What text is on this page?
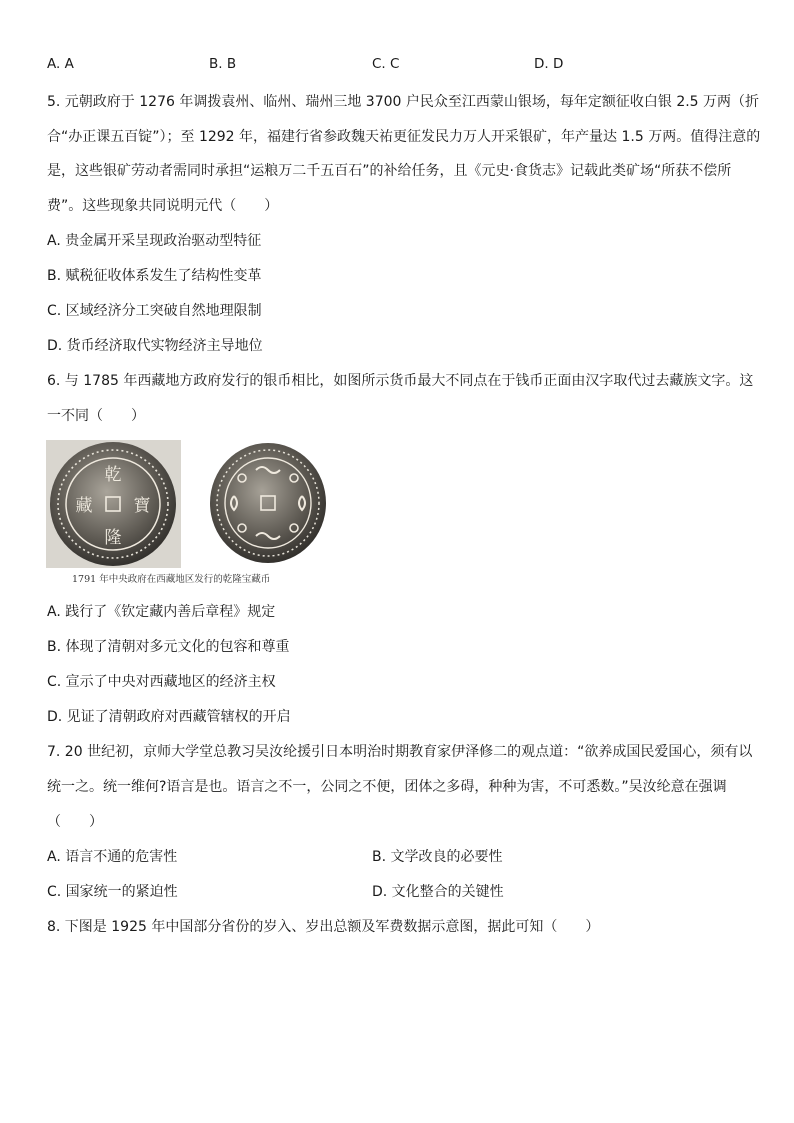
A. A	B. B	C. C	D. D
5. 元朝政府于 1276 年调拨袁州、临州、瑞州三地 3700 户民众至江西蒙山银场，每年定额征收白银 2.5 万两（折
合“办正课五百锭”）；至 1292 年，福建行省参政魏天祐更征发民力万人开采银矿，年产量达 1.5 万两。值得注意的
是，这些银矿劳动者需同时承担“运粮万二千五百石”的补给任务，且《元史·食货志》记载此类矿场“所获不偿所
费”。这些现象共同说明元代（　　）
A. 贵金属开采呈现政治驱动型特征
B. 赋税征收体系发生了结构性变革
C. 区域经济分工突破自然地理限制
D. 货币经济取代实物经济主导地位
6. 与 1785 年西藏地方政府发行的银币相比，如图所示货币最大不同点在于钱币正面由汉字取代过去藏族文字。这
一不同（　　）
乾
隆
寶
藏
1791 年中央政府在西藏地区发行的乾隆宝藏币
A. 践行了《钦定藏内善后章程》规定
B. 体现了清朝对多元文化的包容和尊重
C. 宣示了中央对西藏地区的经济主权
D. 见证了清朝政府对西藏管辖权的开启
7. 20 世纪初，京师大学堂总教习吴汝纶援引日本明治时期教育家伊泽修二的观点道：“欲养成国民爱国心，须有以
统一之。统一维何?语言是也。语言之不一，公同之不便，团体之多碍，种种为害，不可悉数。”吴汝纶意在强调
（　　）
A. 语言不通的危害性	B. 文学改良的必要性
C. 国家统一的紧迫性	D. 文化整合的关键性
8. 下图是 1925 年中国部分省份的岁入、岁出总额及军费数据示意图，据此可知（　　）
